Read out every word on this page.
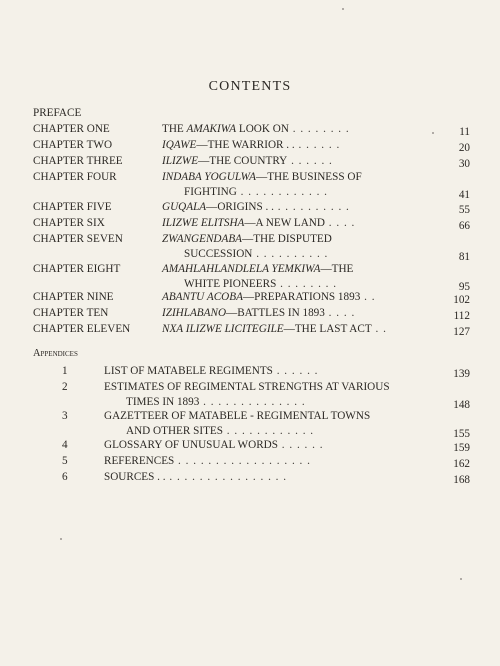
CONTENTS
PREFACE
CHAPTER ONE	THE AMAKIWA LOOK ON . . . . . . . .	11
CHAPTER TWO	IQAWE—THE WARRIOR . . . . . . . .	20
CHAPTER THREE	ILIZWE—THE COUNTRY . . . . . .	30
CHAPTER FOUR	INDABA YOGULWA—THE BUSINESS OF
FIGHTING . . . . . . . . . . . .	41
CHAPTER FIVE	GUQALA—ORIGINS . . . . . . . . . . . .	55
CHAPTER SIX	ILIZWE ELITSHA—A NEW LAND . . . .	66
CHAPTER SEVEN	ZWANGENDABA—THE DISPUTED
SUCCESSION . . . . . . . . . .	81
CHAPTER EIGHT	AMAHLAHLANDLELA YEMKIWA—THE
WHITE PIONEERS . . . . . . . .	95
CHAPTER NINE	ABANTU ACOBA—PREPARATIONS 1893 . .	102
CHAPTER TEN	IZIHLABANO—BATTLES IN 1893 . . . .	112
CHAPTER ELEVEN	NXA ILIZWE LICITEGILE—THE LAST ACT . .	127
Appendices
1	LIST OF MATABELE REGIMENTS . . . . . .	139
2	ESTIMATES OF REGIMENTAL STRENGTHS AT VARIOUS
TIMES IN 1893 . . . . . . . . . . . . . .	148
3	GAZETTEER OF MATABELE - REGIMENTAL TOWNS
AND OTHER SITES . . . . . . . . . . . .	155
4	GLOSSARY OF UNUSUAL WORDS . . . . . .	159
5	REFERENCES . . . . . . . . . . . . . . . . . .	162
6	SOURCES . . . . . . . . . . . . . . . . . .	168
